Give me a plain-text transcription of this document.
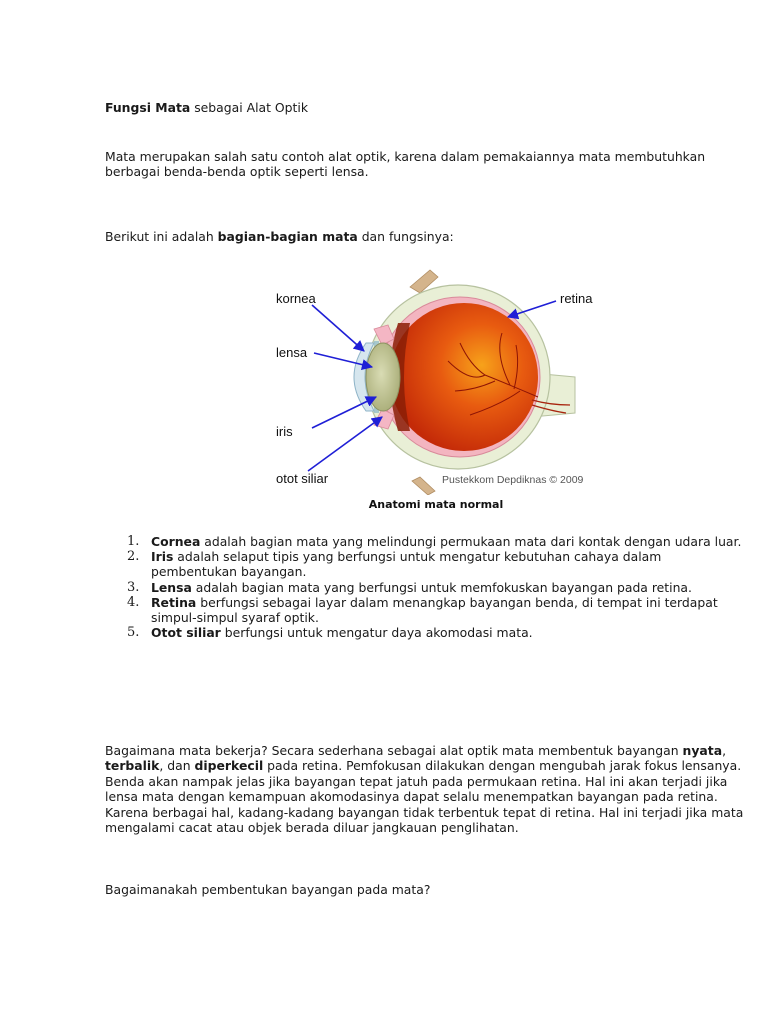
Fungsi Mata sebagai Alat Optik
Mata merupakan salah satu contoh alat optik, karena dalam pemakaiannya mata membutuhkan berbagai benda-benda optik seperti lensa.
Berikut ini adalah bagian-bagian mata dan fungsinya:
kornea
lensa
iris
otot siliar
retina
Pustekkom Depdiknas © 2009
Anatomi mata normal
1. Cornea adalah bagian mata yang melindungi permukaan mata dari kontak dengan udara luar.
2. Iris adalah selaput tipis yang berfungsi untuk mengatur kebutuhan cahaya dalam pembentukan bayangan.
3. Lensa adalah bagian mata yang berfungsi untuk memfokuskan bayangan pada retina.
4. Retina berfungsi sebagai layar dalam menangkap bayangan benda, di tempat ini terdapat simpul-simpul syaraf optik.
5. Otot siliar berfungsi untuk mengatur daya akomodasi mata.
Bagaimana mata bekerja? Secara sederhana sebagai alat optik mata membentuk bayangan nyata, terbalik, dan diperkecil pada retina. Pemfokusan dilakukan dengan mengubah jarak fokus lensanya. Benda akan nampak jelas jika bayangan tepat jatuh pada permukaan retina. Hal ini akan terjadi jika lensa mata dengan kemampuan akomodasinya dapat selalu menempatkan bayangan pada retina. Karena berbagai hal, kadang-kadang bayangan tidak terbentuk tepat di retina. Hal ini terjadi jika mata mengalami cacat atau objek berada diluar jangkauan penglihatan.
Bagaimanakah pembentukan bayangan pada mata?
